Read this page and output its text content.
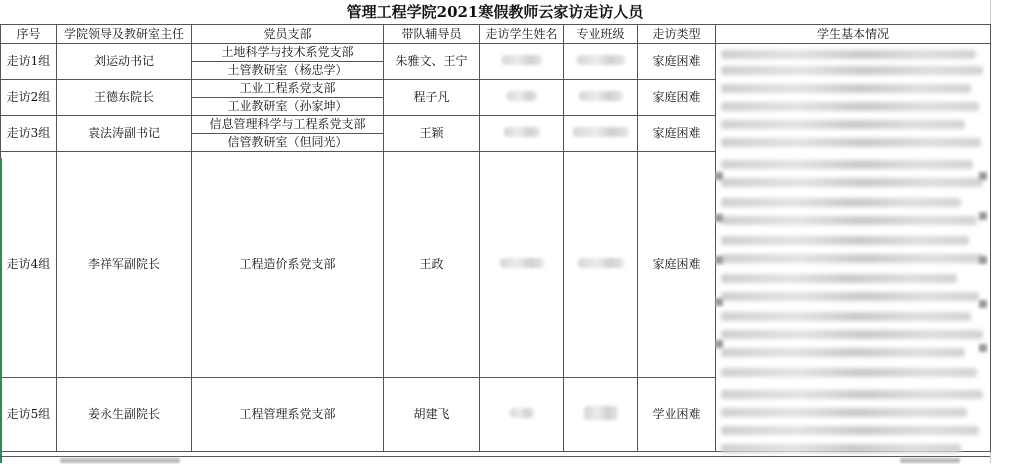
管理工程学院2021寒假教师云家访走访人员
序号	学院领导及教研室主任	党员支部	带队辅导员	走访学生姓名	专业班级	走访类型	学生基本情况
走访1组	刘运动书记	土地科学与技术系党支部	朱雅文、王宁			家庭困难	
		土管教研室（杨忠学）					
走访2组	王德东院长	工业工程系党支部	程子凡			家庭困难	
		工业教研室（孙家坤）					
走访3组	袁法涛副书记	信息管理科学与工程系党支部	王颖			家庭困难	
		信管教研室（但同光）					
走访4组	李祥军副院长	工程造价系党支部	王政			家庭困难	
走访5组	姜永生副院长	工程管理系党支部	胡建飞			学业困难	
